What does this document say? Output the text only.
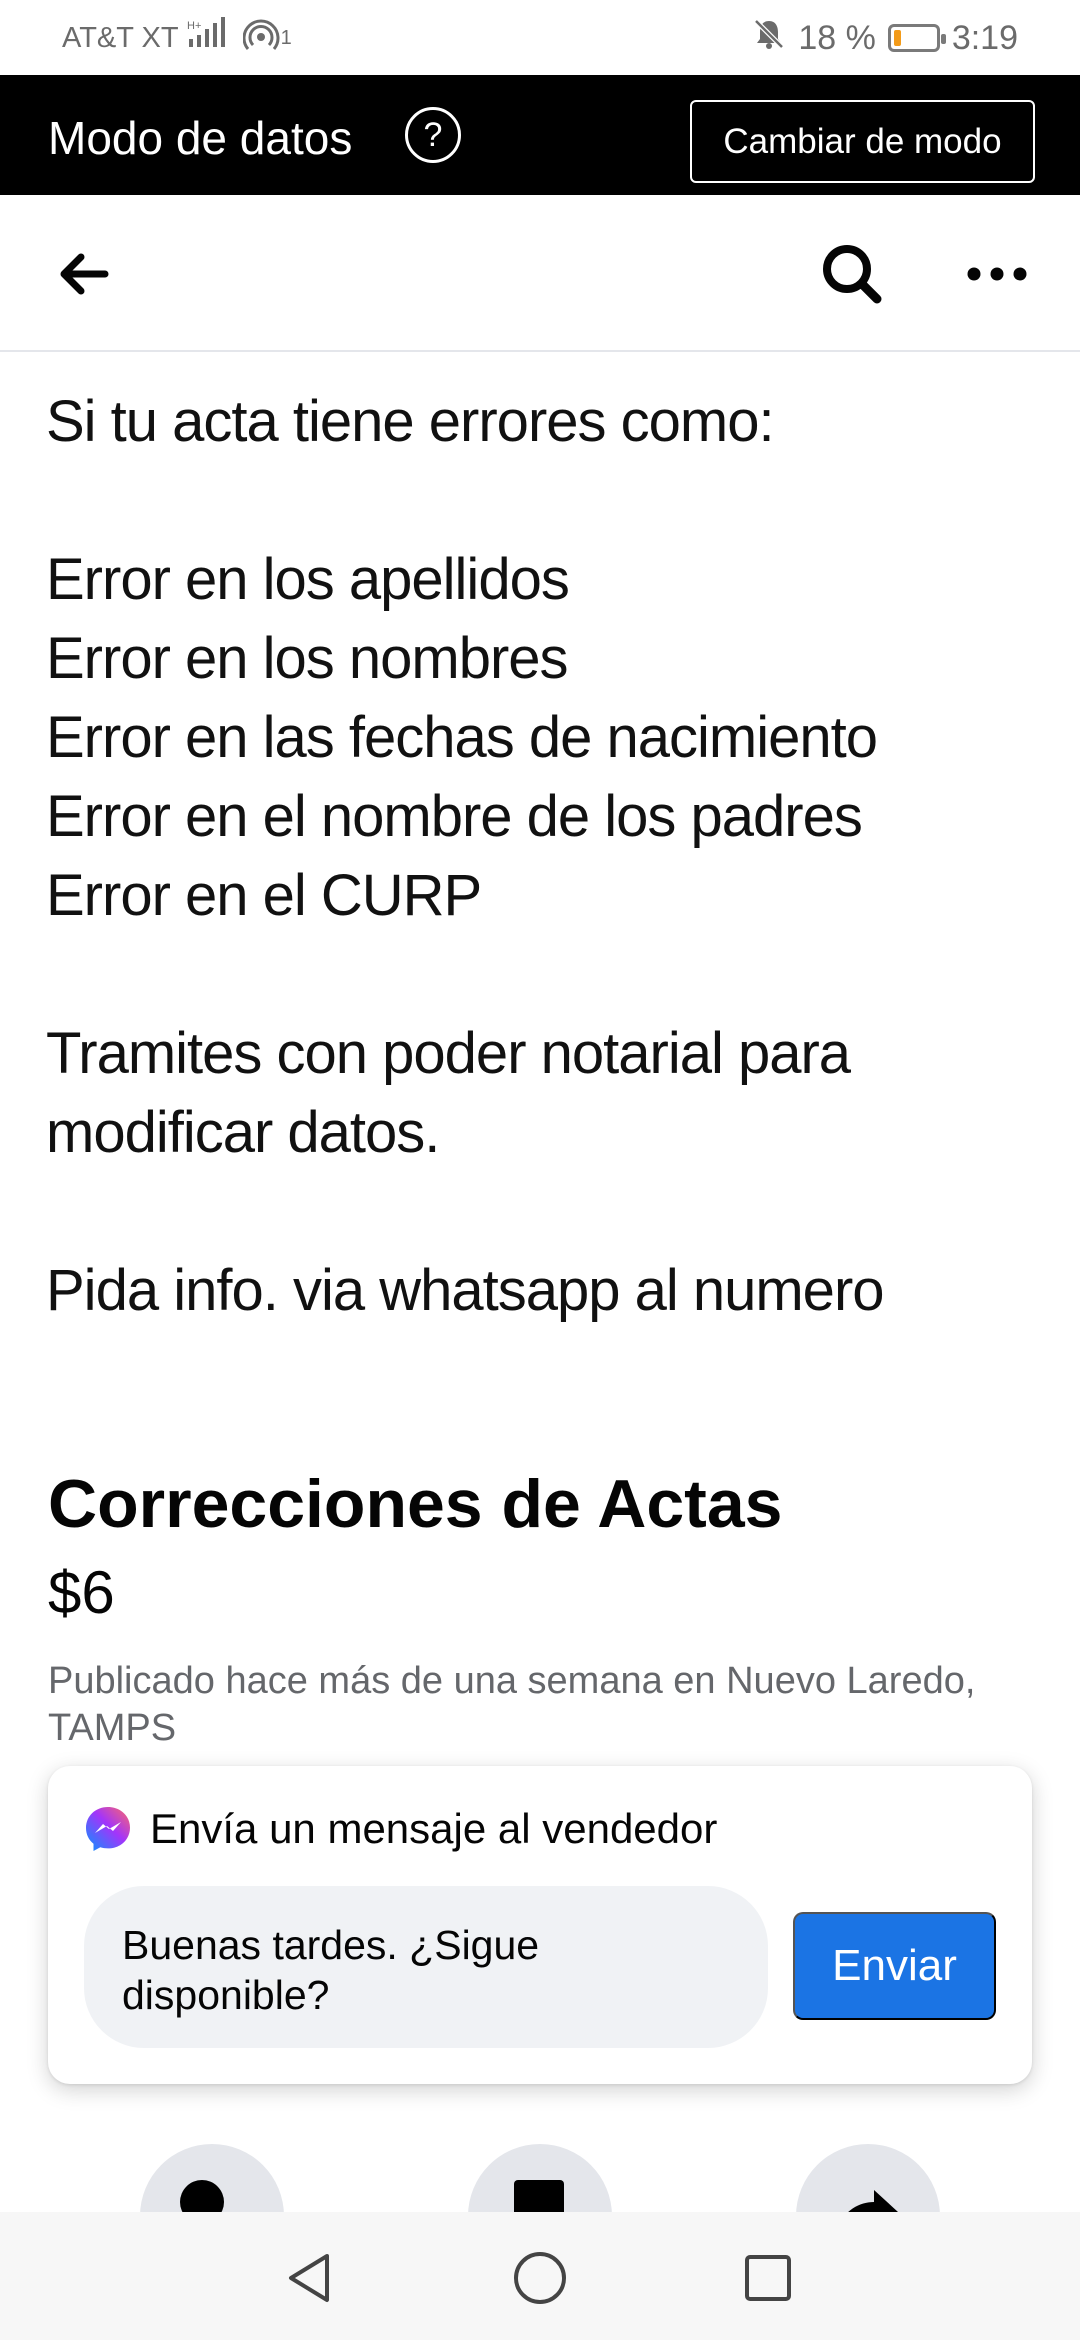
AT&T XT H+
1	18 % 3:19
Modo de datos	?	Cambiar de modo
Si tu acta tiene errores como:

Error en los apellidos
Error en los nombres
Error en las fechas de nacimiento
Error en el nombre de los padres
Error en el CURP

Tramites con poder notarial para
modificar datos.

Pida info. via whatsapp al numero
Correcciones de Actas
$6
Publicado hace más de una semana en Nuevo Laredo, TAMPS
Envía un mensaje al vendedor
Buenas tardes. ¿Sigue disponible?
Enviar
